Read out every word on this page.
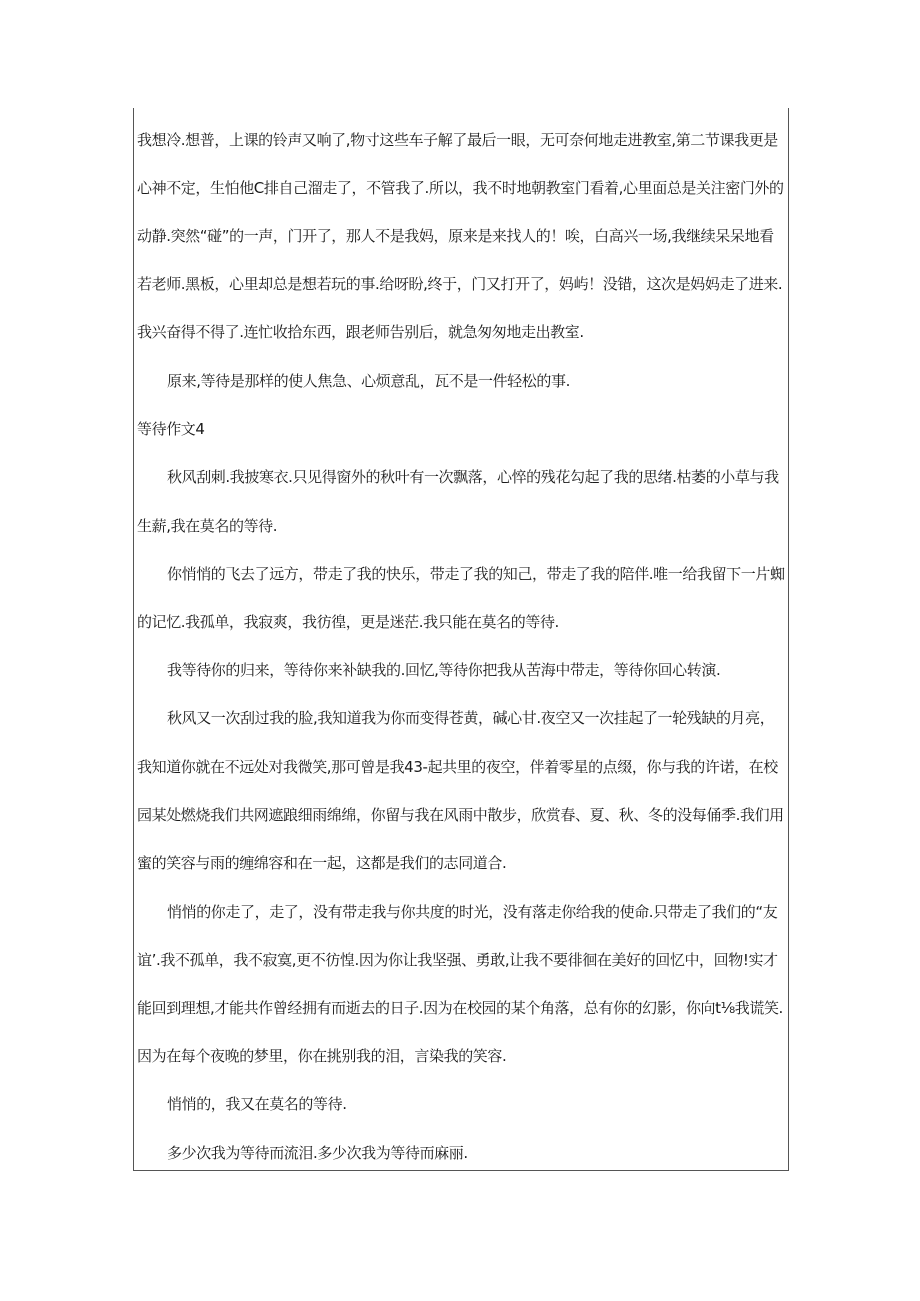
我想冷.想普，上课的铃声又响了,物寸这些车子解了最后一眼，无可奈何地走进教室,第二节课我更是
心神不定，生怕他C排自己溜走了，不管我了.所以，我不时地朝教室门看着,心里面总是关注密门外的
动静.突然“碰”的一声，门开了，那人不是我妈，原来是来找人的！唉，白高兴一场,我继续呆呆地看
若老师.黑板，心里却总是想若玩的事.给呀盼,终于，门又打开了，妈屿！没错，这次是妈妈走了进来.
我兴奋得不得了.连忙收拾东西，跟老师告别后，就急匆匆地走出教室.
原来,等待是那样的使人焦急、心烦意乱，瓦不是一件轻松的事.
等待作文4
秋风刮刺.我披寒衣.只见得窗外的秋叶有一次飘落，心悴的残花勾起了我的思绪.枯萎的小草与我
生薪,我在莫名的等待.
你悄悄的飞去了远方，带走了我的快乐，带走了我的知己，带走了我的陪伴.唯一给我留下一片蜘
的记忆.我孤单，我寂爽，我彷徨，更是迷茫.我只能在莫名的等待.
我等待你的归来，等待你来补缺我的.回忆,等待你把我从苦海中带走，等待你回心转演.
秋风又一次刮过我的脸,我知道我为你而变得苍黄，碱心甘.夜空又一次挂起了一轮残缺的月亮，
我知道你就在不远处对我微笑,那可曾是我43-起共里的夜空，伴着零星的点缀，你与我的许诺，在校
园某处燃烧我们共网遮踉细雨绵绵，你留与我在风雨中散步，欣赏春、夏、秋、冬的没每俑季.我们用
蜜的笑容与雨的缠绵容和在一起，这都是我们的志同道合.
悄悄的你走了，走了，没有带走我与你共度的时光，没有落走你给我的使命.只带走了我们的“友
谊’.我不孤单，我不寂寞,更不彷惶.因为你让我坚强、勇敢,让我不要徘徊在美好的回忆中，回物!实才
能回到理想,才能共作曾经拥有而逝去的日子.因为在校园的某个角落，总有你的幻影，你向t⅛我谎笑.
因为在每个夜晚的梦里，你在挑别我的泪，言染我的笑容.
悄悄的，我又在莫名的等待.
多少次我为等待而流泪.多少次我为等待而麻丽.
